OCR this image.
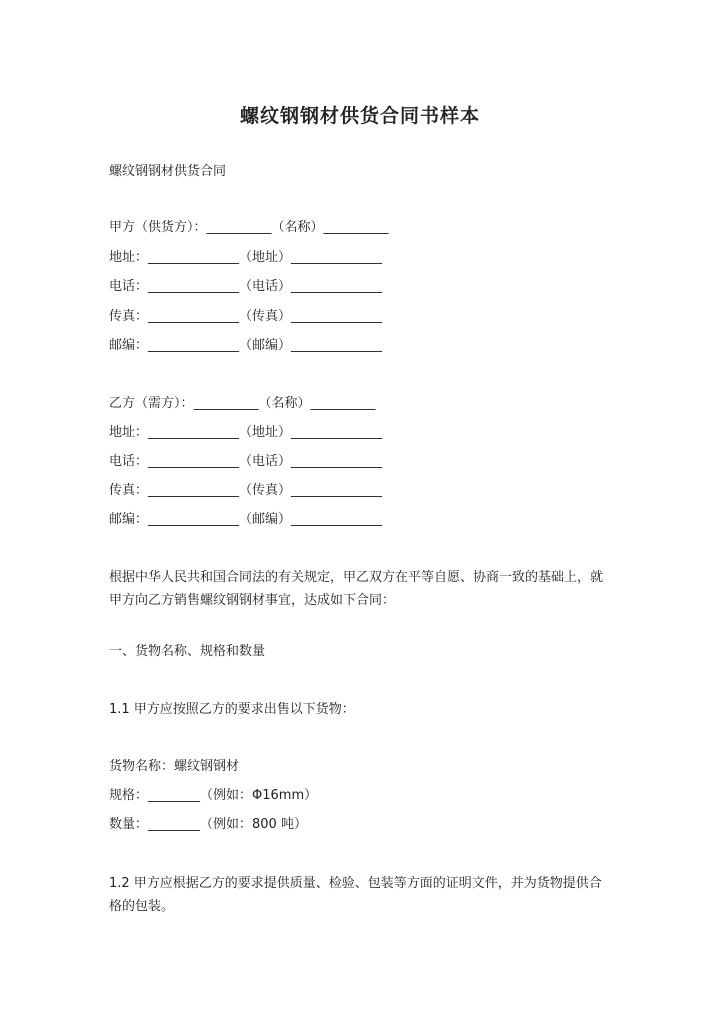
螺纹钢钢材供货合同书样本
螺纹钢钢材供货合同
甲方（供货方）：__________（名称）__________
地址：______________（地址）______________
电话：______________（电话）______________
传真：______________（传真）______________
邮编：______________（邮编）______________
乙方（需方）：__________（名称）__________
地址：______________（地址）______________
电话：______________（电话）______________
传真：______________（传真）______________
邮编：______________（邮编）______________
根据中华人民共和国合同法的有关规定，甲乙双方在平等自愿、协商一致的基础上，就甲方向乙方销售螺纹钢钢材事宜，达成如下合同：
一、货物名称、规格和数量
1.1 甲方应按照乙方的要求出售以下货物：
货物名称：螺纹钢钢材
规格：________（例如：Φ16mm）
数量：________（例如：800 吨）
1.2 甲方应根据乙方的要求提供质量、检验、包装等方面的证明文件，并为货物提供合格的包装。
